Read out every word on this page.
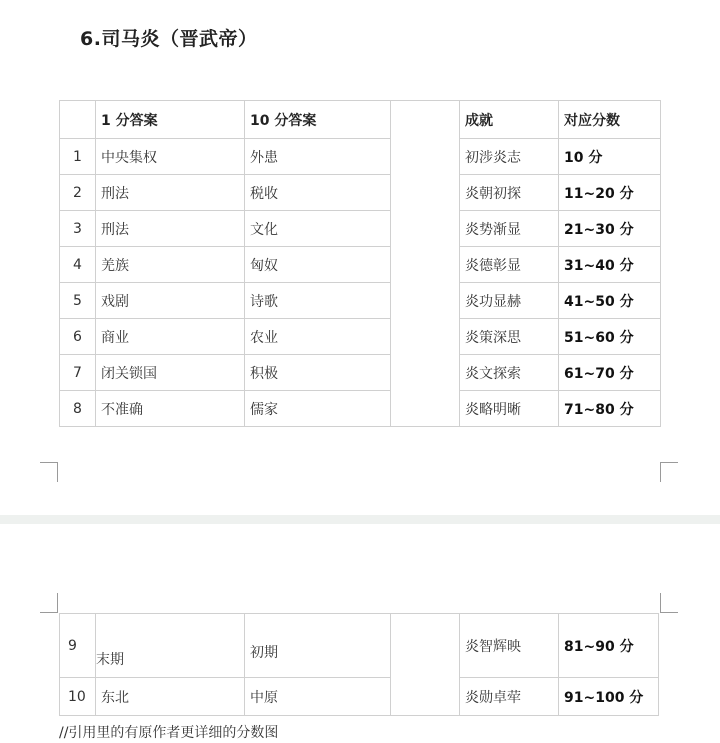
6.司马炎（晋武帝）
	1 分答案	10 分答案		成就	对应分数
1	中央集权	外患		初涉炎志	10 分
2	刑法	税收		炎朝初探	11~20 分
3	刑法	文化		炎势渐显	21~30 分
4	羌族	匈奴		炎德彰显	31~40 分
5	戏剧	诗歌		炎功显赫	41~50 分
6	商业	农业		炎策深思	51~60 分
7	闭关锁国	积极		炎文探索	61~70 分
8	不准确	儒家		炎略明晰	71~80 分
9	末期	初期		炎智辉映	81~90 分
10	东北	中原		炎勋卓荦	91~100 分
//引用里的有原作者更详细的分数图
